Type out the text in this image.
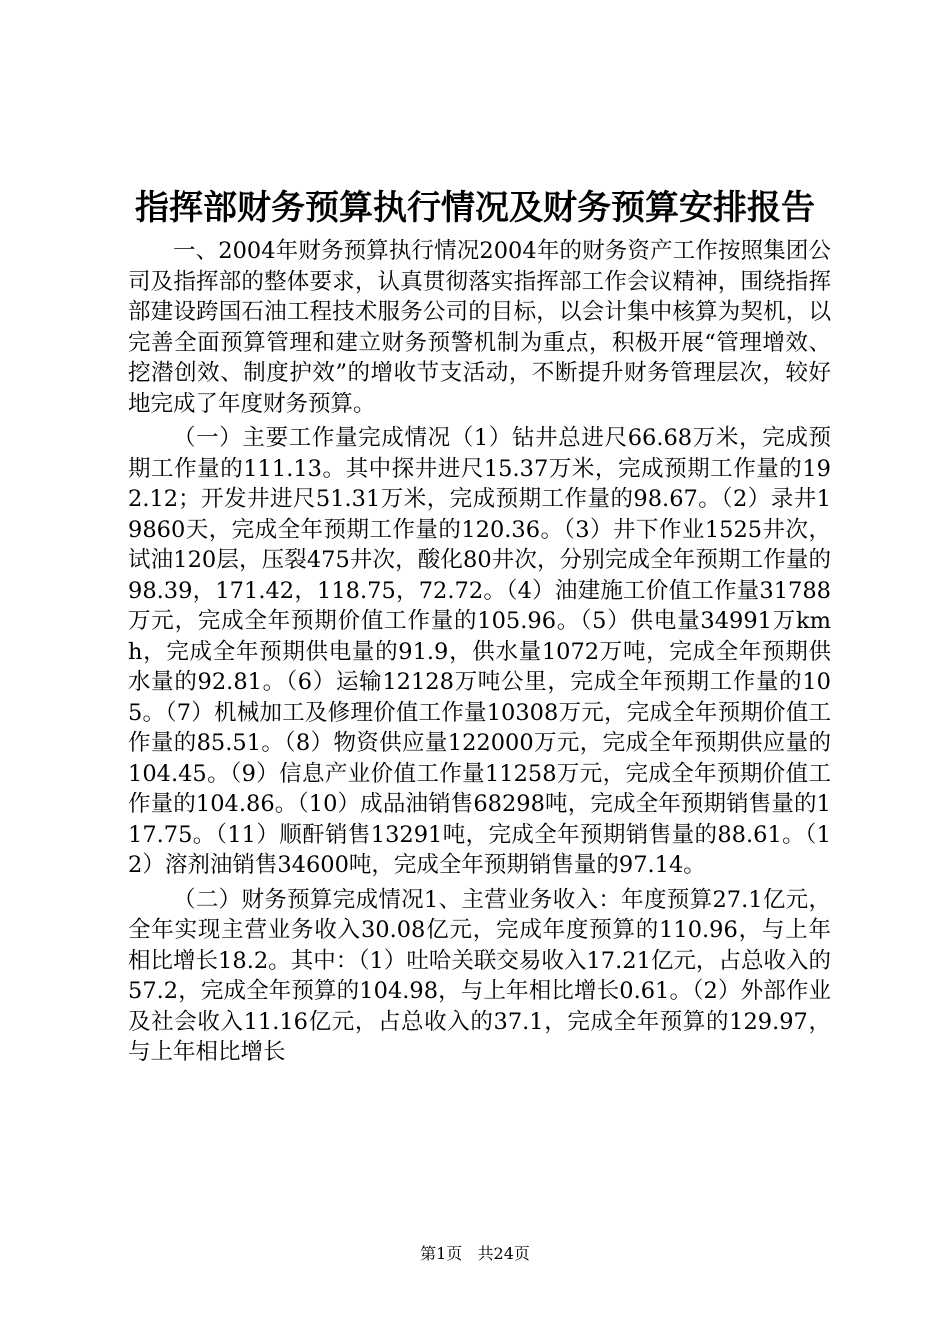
指挥部财务预算执行情况及财务预算安排报告

一、2004年财务预算执行情况2004年的财务资产工作按照集团公司及指挥部的整体要求，认真贯彻落实指挥部工作会议精神，围绕指挥部建设跨国石油工程技术服务公司的目标，以会计集中核算为契机，以完善全面预算管理和建立财务预警机制为重点，积极开展“管理增效、挖潜创效、制度护效”的增收节支活动，不断提升财务管理层次，较好地完成了年度财务预算。

（一）主要工作量完成情况（1）钻井总进尺66.68万米，完成预期工作量的111.13。其中探井进尺15.37万米，完成预期工作量的192.12；开发井进尺51.31万米，完成预期工作量的98.67。（2）录井19860天，完成全年预期工作量的120.36。（3）井下作业1525井次，试油120层，压裂475井次，酸化80井次，分别完成全年预期工作量的98.39，171.42，118.75，72.72。（4）油建施工价值工作量31788万元，完成全年预期价值工作量的105.96。（5）供电量34991万kmh，完成全年预期供电量的91.9，供水量1072万吨，完成全年预期供水量的92.81。（6）运输12128万吨公里，完成全年预期工作量的105。（7）机械加工及修理价值工作量10308万元，完成全年预期价值工作量的85.51。（8）物资供应量122000万元，完成全年预期供应量的104.45。（9）信息产业价值工作量11258万元，完成全年预期价值工作量的104.86。（10）成品油销售68298吨，完成全年预期销售量的117.75。（11）顺酐销售13291吨，完成全年预期销售量的88.61。（12）溶剂油销售34600吨，完成全年预期销售量的97.14。

（二）财务预算完成情况1、主营业务收入：年度预算27.1亿元，全年实现主营业务收入30.08亿元，完成年度预算的110.96，与上年相比增长18.2。其中：（1）吐哈关联交易收入17.21亿元，占总收入的57.2，完成全年预算的104.98，与上年相比增长0.61。（2）外部作业及社会收入11.16亿元，占总收入的37.1，完成全年预算的129.97，与上年相比增长

第1页 共24页
